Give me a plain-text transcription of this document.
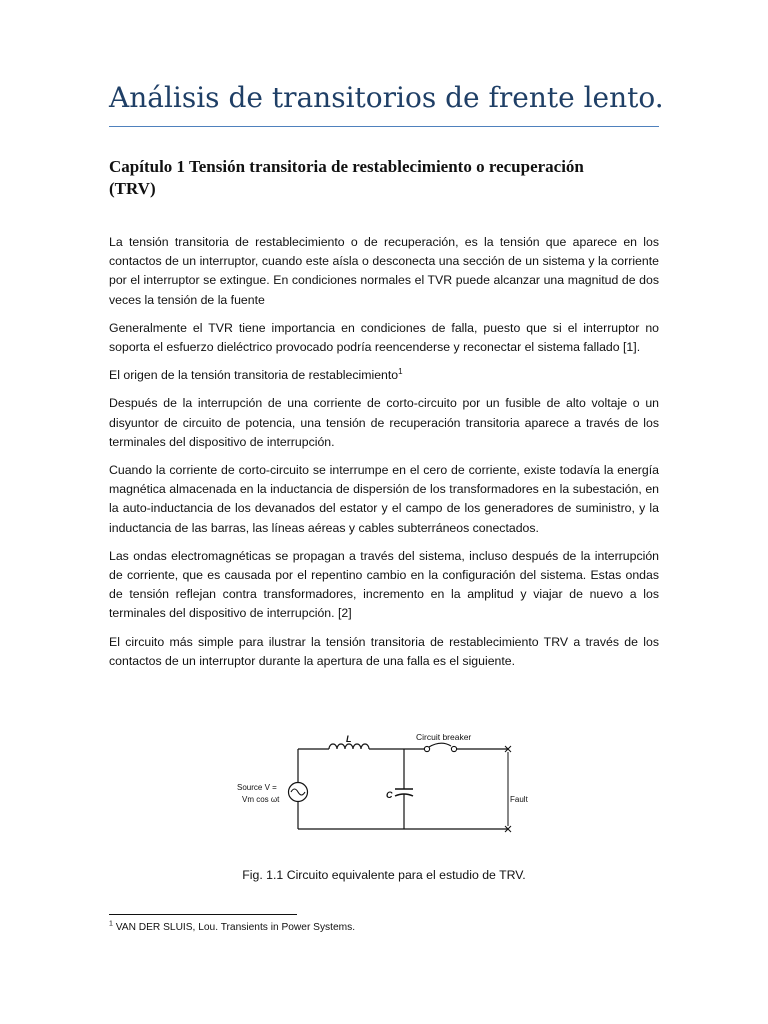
Análisis de transitorios de frente lento.
Capítulo 1 Tensión transitoria de restablecimiento o recuperación (TRV)

La tensión transitoria de restablecimiento o de recuperación, es la tensión que aparece en los contactos de un interruptor, cuando este aísla o desconecta una sección de un sistema y la corriente por el interruptor se extingue. En condiciones normales el TVR puede alcanzar una magnitud de dos veces la tensión de la fuente

Generalmente el TVR tiene importancia en condiciones de falla, puesto que si el interruptor no soporta el esfuerzo dieléctrico provocado podría reencenderse y reconectar el sistema fallado [1].

El origen de la tensión transitoria de restablecimiento$^1$

Después de la interrupción de una corriente de corto-circuito por un fusible de alto voltaje o un disyuntor de circuito de potencia, una tensión de recuperación transitoria aparece a través de los terminales del dispositivo de interrupción.

Cuando la corriente de corto-circuito se interrumpe en el cero de corriente, existe todavía la energía magnética almacenada en la inductancia de dispersión de los transformadores en la subestación, en la auto-inductancia de los devanados del estator y el campo de los generadores de suministro, y la inductancia de las barras, las líneas aéreas y cables subterráneos conectados.

Las ondas electromagnéticas se propagan a través del sistema, incluso después de la interrupción de corriente, que es causada por el repentino cambio en la configuración del sistema. Estas ondas de tensión reflejan contra transformadores, incremento en la amplitud y viajar de nuevo a los terminales del dispositivo de interrupción. [2]

El circuito más simple para ilustrar la tensión transitoria de restablecimiento TRV a través de los contactos de un interruptor durante la apertura de una falla es el siguiente.

L	Circuit breaker
C
Source V =
Vm cos ωt	Fault
Fig. 1.1 Circuito equivalente para el estudio de TRV.
$^1$ VAN DER SLUIS, Lou. Transients in Power Systems.
